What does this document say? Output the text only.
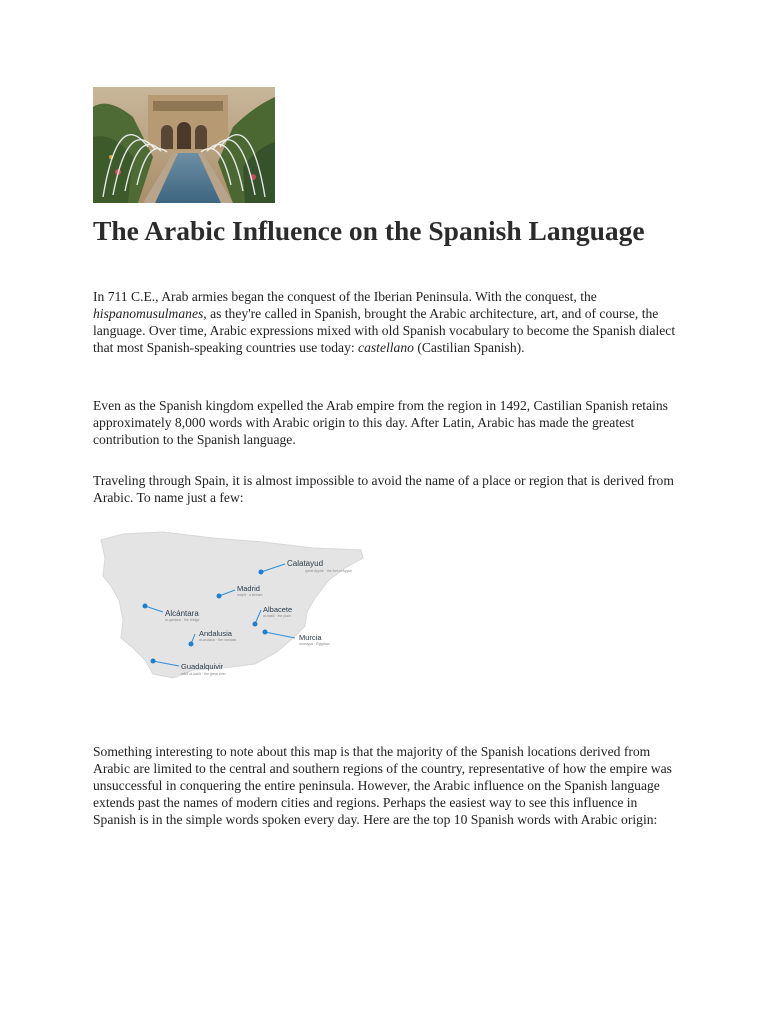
The Arabic Influence on the Spanish Language

In 711 C.E., Arab armies began the conquest of the Iberian Peninsula. With the conquest, the hispanomusulmanes, as they're called in Spanish, brought the Arabic architecture, art, and of course, the language. Over time, Arabic expressions mixed with old Spanish vocabulary to become the Spanish dialect that most Spanish-speaking countries use today: castellano (Castilian Spanish).

Even as the Spanish kingdom expelled the Arab empire from the region in 1492, Castilian Spanish retains approximately 8,000 words with Arabic origin to this day. After Latin, Arabic has made the greatest contribution to the Spanish language.

Traveling through Spain, it is almost impossible to avoid the name of a place or region that is derived from Arabic. To name just a few:

Calatayud
qal'at Ayyūb · the fort of Ayyub
Madrid
majrīṭ · a stream
Alcántara
al-qanṭara · the bridge
Albacete
al-basīṭ · the plain
Andalusia
al-andalus · the vandals	Murcia
mursiyya · Egyptian
Guadalquivir
wādī al-kabīr · the great river

Something interesting to note about this map is that the majority of the Spanish locations derived from Arabic are limited to the central and southern regions of the country, representative of how the empire was unsuccessful in conquering the entire peninsula. However, the Arabic influence on the Spanish language extends past the names of modern cities and regions. Perhaps the easiest way to see this influence in Spanish is in the simple words spoken every day. Here are the top 10 Spanish words with Arabic origin:
